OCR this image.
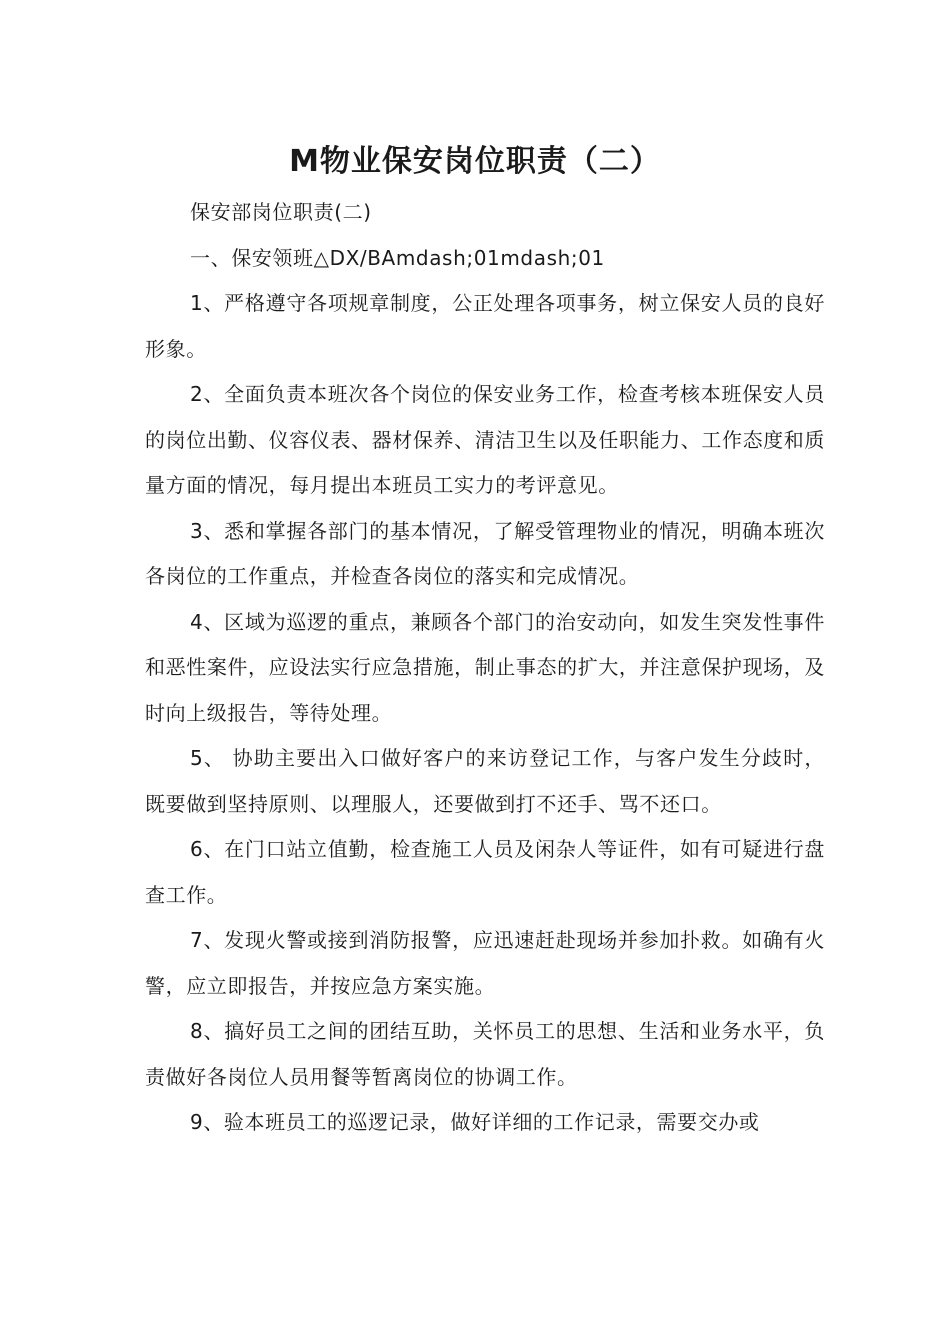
M物业保安岗位职责（二）

保安部岗位职责(二)

一、保安领班△DX/BAmdash;01mdash;01

1、严格遵守各项规章制度，公正处理各项事务，树立保安人员的良好形象。

2、全面负责本班次各个岗位的保安业务工作，检查考核本班保安人员的岗位出勤、仪容仪表、器材保养、清洁卫生以及任职能力、工作态度和质量方面的情况，每月提出本班员工实力的考评意见。

3、悉和掌握各部门的基本情况，了解受管理物业的情况，明确本班次各岗位的工作重点，并检查各岗位的落实和完成情况。

4、区域为巡逻的重点，兼顾各个部门的治安动向，如发生突发性事件和恶性案件，应设法实行应急措施，制止事态的扩大，并注意保护现场，及时向上级报告，等待处理。

5、 协助主要出入口做好客户的来访登记工作，与客户发生分歧时，既要做到坚持原则、以理服人，还要做到打不还手、骂不还口。

6、在门口站立值勤，检查施工人员及闲杂人等证件，如有可疑进行盘查工作。

7、发现火警或接到消防报警，应迅速赶赴现场并参加扑救。如确有火警，应立即报告，并按应急方案实施。

8、搞好员工之间的团结互助，关怀员工的思想、生活和业务水平，负责做好各岗位人员用餐等暂离岗位的协调工作。

9、验本班员工的巡逻记录，做好详细的工作记录，需要交办或
